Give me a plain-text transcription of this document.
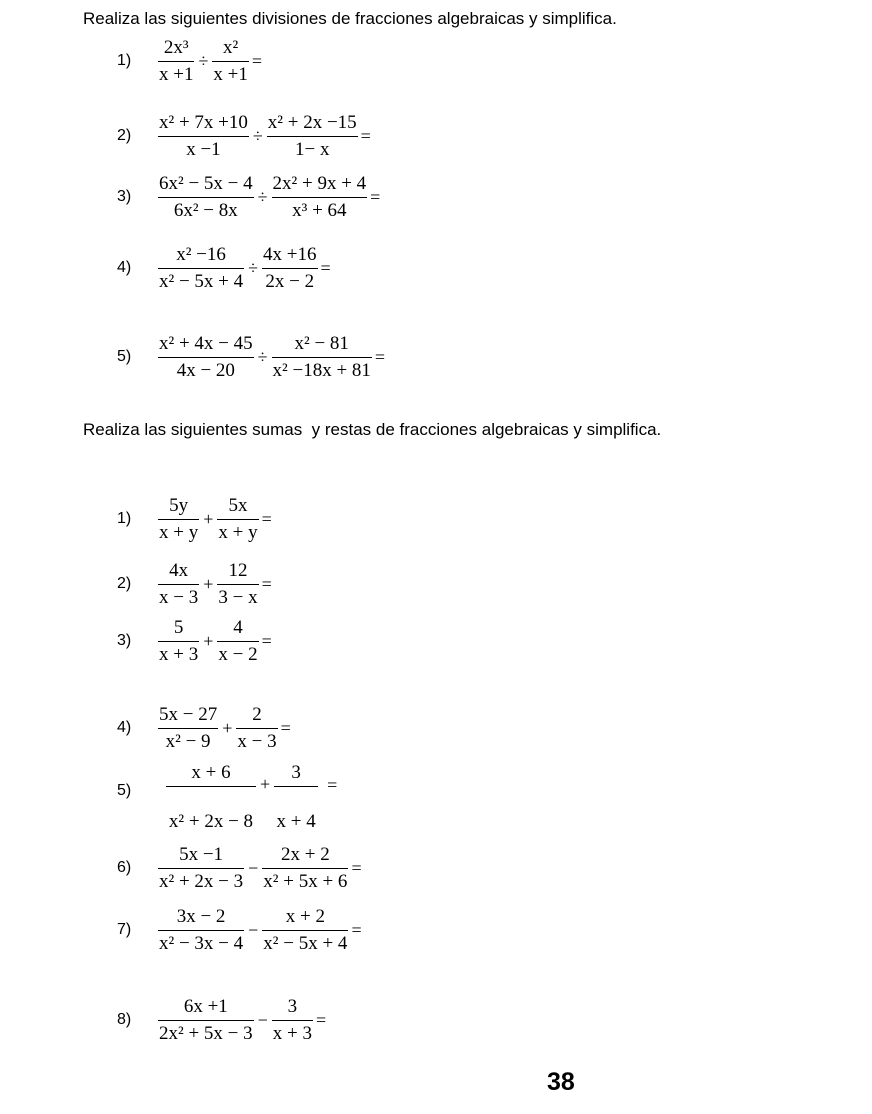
Realiza las siguientes divisiones de fracciones algebraicas y simplifica.
1)	$\frac{\text{2x³}}{x +1} \div \frac{\text{x²}}{x +1}$ =
2)	$\frac{\text{x² + 7x +10}}{x -1} \div \frac{\text{x² + 2x −15}}{1- x}$ =
3)	$\frac{\text{6x² − 5x − 4}}{\text{6x² − 8x}} \div \frac{\text{2x² + 9x + 4}}{\text{x³ + 64}}$ =
4)	$\frac{\text{x² −16}}{\text{x² − 5x + 4}} \div \frac{4x +16}{2x - 2}$ =
5)	$\frac{\text{x² + 4x − 45}}{4x - 20} \div \frac{\text{x² − 81}}{\text{x² −18x + 81}}$ =
Realiza las siguientes sumas  y restas de fracciones algebraicas y simplifica.
1)	$\frac{5y}{x + y} + \frac{5x}{x + y}$ =
2)	$\frac{4x}{x - 3} + \frac{12}{3 - x}$ =
3)	$\frac{5}{x + 3} + \frac{4}{x - 2}$ =
4)	$\frac{5x - 27}{\text{x² − 9}} + \frac{2}{x - 3}$ =
5)
x + 6
x² + 2x − 8
+
3
x + 4
=
6)	$\frac{5x -1}{\text{x² + 2x − 3}} - \frac{2x + 2}{\text{x² + 5x + 6}}$ =
7)	$\frac{3x - 2}{\text{x² − 3x − 4}} - \frac{x + 2}{\text{x² − 5x + 4}}$ =
8)	$\frac{6x +1}{\text{2x² + 5x − 3}} - \frac{3}{x + 3}$ =
38
